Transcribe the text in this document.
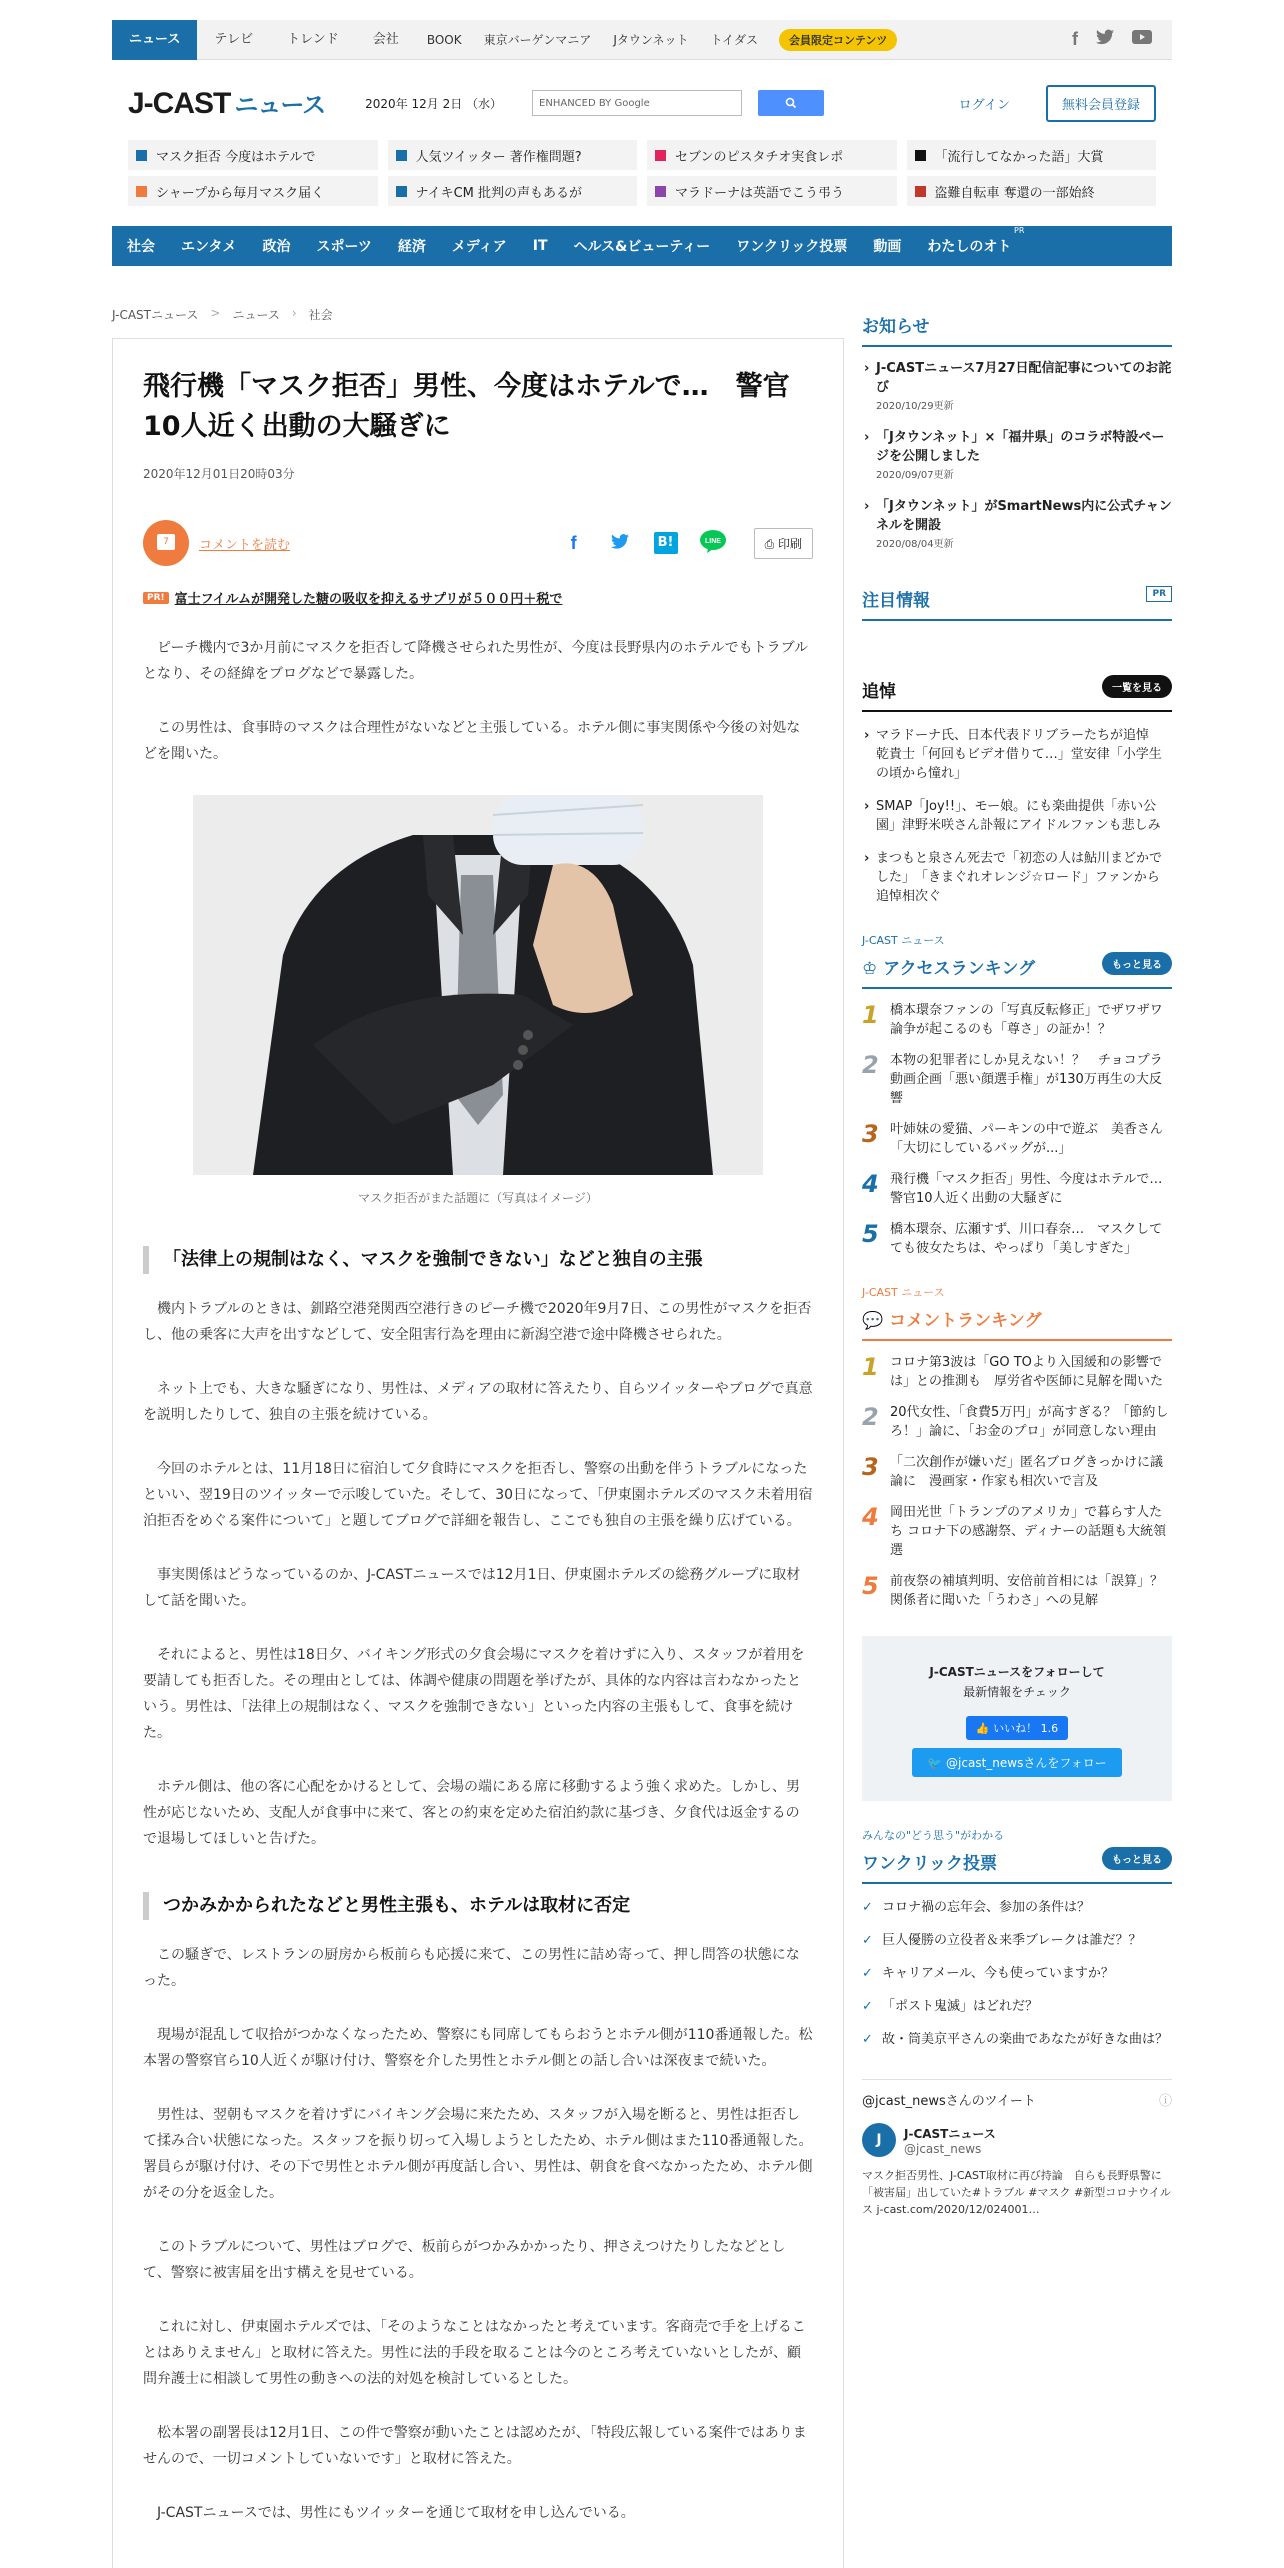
ニュース	テレビ	トレンド	会社	BOOK	東京バーゲンマニア	Jタウンネット	トイダス	会員限定コンテンツ	f
J-CAST ニュース	2020年 12月 2日 （水）	ENHANCED BY Google	ログイン	無料会員登録
マスク拒否 今度はホテルで	人気ツイッター 著作権問題?	セブンのピスタチオ実食レポ	「流行してなかった語」大賞
シャープから毎月マスク届く	ナイキCM 批判の声もあるが	マラドーナは英語でこう弔う	盗難自転車 奪還の一部始終
社会	エンタメ	政治	スポーツ	経済	メディア	IT	ヘルス&ビューティー	ワンクリック投票	動画	わたしのオト
PR
J-CASTニュース > ニュース › 社会
飛行機「マスク拒否」男性、今度はホテルで…　警官10人近く出動の大騒ぎに
2020年12月01日20時03分
7	コメントを読む	f	B!	LINE	⎙ 印刷
PR! 富士フイルムが開発した糖の吸収を抑えるサプリが５００円＋税で

ピーチ機内で3か月前にマスクを拒否して降機させられた男性が、今度は長野県内のホテルでもトラブルとなり、その経緯をブログなどで暴露した。

この男性は、食事時のマスクは合理性がないなどと主張している。ホテル側に事実関係や今後の対処などを聞いた。

マスク拒否がまた話題に（写真はイメージ）
「法律上の規制はなく、マスクを強制できない」などと独自の主張

機内トラブルのときは、釧路空港発関西空港行きのピーチ機で2020年9月7日、この男性がマスクを拒否し、他の乗客に大声を出すなどして、安全阻害行為を理由に新潟空港で途中降機させられた。

ネット上でも、大きな騒ぎになり、男性は、メディアの取材に答えたり、自らツイッターやブログで真意を説明したりして、独自の主張を続けている。

今回のホテルとは、11月18日に宿泊して夕食時にマスクを拒否し、警察の出動を伴うトラブルになったといい、翌19日のツイッターで示唆していた。そして、30日になって、「伊東園ホテルズのマスク未着用宿泊拒否をめぐる案件について」と題してブログで詳細を報告し、ここでも独自の主張を繰り広げている。

事実関係はどうなっているのか、J-CASTニュースでは12月1日、伊東園ホテルズの総務グループに取材して話を聞いた。

それによると、男性は18日夕、バイキング形式の夕食会場にマスクを着けずに入り、スタッフが着用を要請しても拒否した。その理由としては、体調や健康の問題を挙げたが、具体的な内容は言わなかったという。男性は、「法律上の規制はなく、マスクを強制できない」といった内容の主張もして、食事を続けた。

ホテル側は、他の客に心配をかけるとして、会場の端にある席に移動するよう強く求めた。しかし、男性が応じないため、支配人が食事中に来て、客との約束を定めた宿泊約款に基づき、夕食代は返金するので退場してほしいと告げた。

つかみかかられたなどと男性主張も、ホテルは取材に否定

この騒ぎで、レストランの厨房から板前らも応援に来て、この男性に詰め寄って、押し問答の状態になった。

現場が混乱して収拾がつかなくなったため、警察にも同席してもらおうとホテル側が110番通報した。松本署の警察官ら10人近くが駆け付け、警察を介した男性とホテル側との話し合いは深夜まで続いた。

男性は、翌朝もマスクを着けずにバイキング会場に来たため、スタッフが入場を断ると、男性は拒否して揉み合い状態になった。スタッフを振り切って入場しようとしたため、ホテル側はまた110番通報した。署員らが駆け付け、その下で男性とホテル側が再度話し合い、男性は、朝食を食べなかったため、ホテル側がその分を返金した。

このトラブルについて、男性はブログで、板前らがつかみかかったり、押さえつけたりしたなどとして、警察に被害届を出す構えを見せている。

これに対し、伊東園ホテルズでは、「そのようなことはなかったと考えています。客商売で手を上げることはありえません」と取材に答えた。男性に法的手段を取ることは今のところ考えていないとしたが、顧問弁護士に相談して男性の動きへの法的対処を検討しているとした。

松本署の副署長は12月1日、この件で警察が動いたことは認めたが、「特段広報している案件ではありませんので、一切コメントしていないです」と取材に答えた。

J-CASTニュースでは、男性にもツイッターを通じて取材を申し込んでいる。

お知らせ
› J-CASTニュース7月27日配信記事についてのお詫び
2020/10/29更新
› 「Jタウンネット」×「福井県」のコラボ特設ページを公開しました
2020/09/07更新
› 「Jタウンネット」がSmartNews内に公式チャンネルを開設
2020/08/04更新
注目情報	PR
追悼	一覧を見る
› マラドーナ氏、日本代表ドリブラーたちが追悼　乾貴士「何回もビデオ借りて…」堂安律「小学生の頃から憧れ」
› SMAP「Joy!!」、モー娘。にも楽曲提供「赤い公園」津野米咲さん訃報にアイドルファンも悲しみ
› まつもと泉さん死去で「初恋の人は鮎川まどかでした」　「きまぐれオレンジ☆ロード」ファンから追悼相次ぐ
J-CAST ニュース
♔ アクセスランキング	もっと見る
1 橋本環奈ファンの「写真反転修正」でザワザワ　論争が起こるのも「尊さ」の証か！？
2 本物の犯罪者にしか見えない！？　チョコプラ動画企画「悪い顔選手権」が130万再生の大反響
3 叶姉妹の愛猫、パーキンの中で遊ぶ　美香さん「大切にしているバッグが...」
4 飛行機「マスク拒否」男性、今度はホテルで…　警官10人近く出動の大騒ぎに
5 橋本環奈、広瀬すず、川口春奈…　マスクしてても彼女たちは、やっぱり「美しすぎた」
J-CAST ニュース
💬 コメントランキング
1 コロナ第3波は「GO TOより入国緩和の影響では」との推測も　厚労省や医師に見解を聞いた
2 20代女性、「食費5万円」が高すぎる？「節約しろ！」論に、「お金のプロ」が同意しない理由
3 「二次創作が嫌いだ」匿名ブログきっかけに議論に　漫画家・作家も相次いで言及
4 岡田光世「トランプのアメリカ」で暮らす人たち コロナ下の感謝祭、ディナーの話題も大統領選
5 前夜祭の補填判明、安倍前首相には「誤算」？　関係者に聞いた「うわさ」への見解
J-CASTニュースをフォローして
最新情報をチェック
👍 いいね！ 1.6
🐦 @jcast_newsさんをフォロー
みんなの"どう思う"がわかる
ワンクリック投票	もっと見る
✓ コロナ禍の忘年会、参加の条件は？
✓ 巨人優勝の立役者＆来季ブレークは誰だ？？
✓ キャリアメール、今も使っていますか？
✓ 「ポスト鬼滅」はどれだ？
✓ 故・筒美京平さんの楽曲であなたが好きな曲は？
@jcast_newsさんのツイート	ⓘ
J	J-CASTニュース
@jcast_news
マスク拒否男性、J-CAST取材に再び持論　自らも長野県警に「被害届」出していた#トラブル #マスク #新型コロナウイルス j-cast.com/2020/12/024001…
